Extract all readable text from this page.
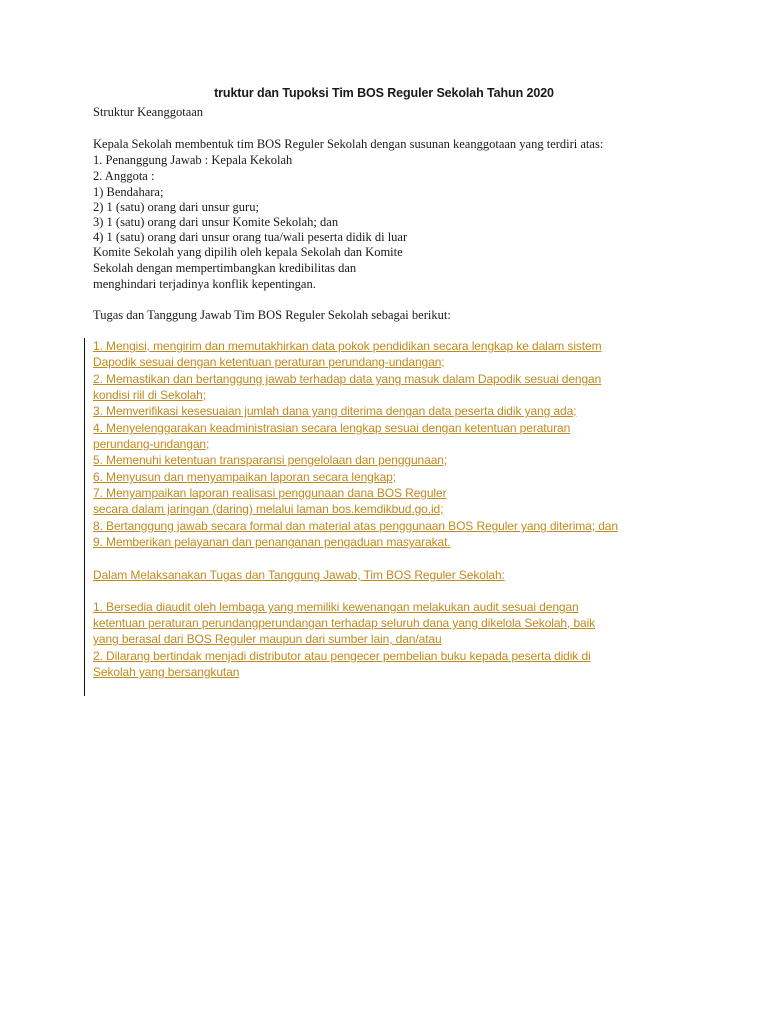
truktur dan Tupoksi Tim BOS Reguler Sekolah Tahun 2020
Struktur Keanggotaan
Kepala Sekolah membentuk tim BOS Reguler Sekolah dengan susunan keanggotaan yang terdiri atas:
1. Penanggung Jawab : Kepala Kekolah
2. Anggota :
1) Bendahara;
2) 1 (satu) orang dari unsur guru;
3) 1 (satu) orang dari unsur Komite Sekolah; dan
4) 1 (satu) orang dari unsur orang tua/wali peserta didik di luar
Komite Sekolah yang dipilih oleh kepala Sekolah dan Komite
Sekolah dengan mempertimbangkan kredibilitas dan
menghindari terjadinya konflik kepentingan.
Tugas dan Tanggung Jawab Tim BOS Reguler Sekolah sebagai berikut:
1. Mengisi, mengirim dan memutakhirkan data pokok pendidikan secara lengkap ke dalam sistem
Dapodik sesuai dengan ketentuan peraturan perundang-undangan;
2. Memastikan dan bertanggung jawab terhadap data yang masuk dalam Dapodik sesuai dengan
kondisi riil di Sekolah;
3. Memverifikasi kesesuaian jumlah dana yang diterima dengan data peserta didik yang ada;
4. Menyelenggarakan keadministrasian secara lengkap sesuai dengan ketentuan peraturan
perundang-undangan;
5. Memenuhi ketentuan transparansi pengelolaan dan penggunaan;
6. Menyusun dan menyampaikan laporan secara lengkap;
7. Menyampaikan laporan realisasi penggunaan dana BOS Reguler
secara dalam jaringan (daring) melalui laman bos.kemdikbud.go.id;
8. Bertanggung jawab secara formal dan material atas penggunaan BOS Reguler yang diterima; dan
9. Memberikan pelayanan dan penanganan pengaduan masyarakat.
Dalam Melaksanakan Tugas dan Tanggung Jawab, Tim BOS Reguler Sekolah:
1. Bersedia diaudit oleh lembaga yang memiliki kewenangan melakukan audit sesuai dengan
ketentuan peraturan perundangperundangan terhadap seluruh dana yang dikelola Sekolah, baik
yang berasal dari BOS Reguler maupun dari sumber lain, dan/atau
2. Dilarang bertindak menjadi distributor atau pengecer pembelian buku kepada peserta didik di
Sekolah yang bersangkutan
